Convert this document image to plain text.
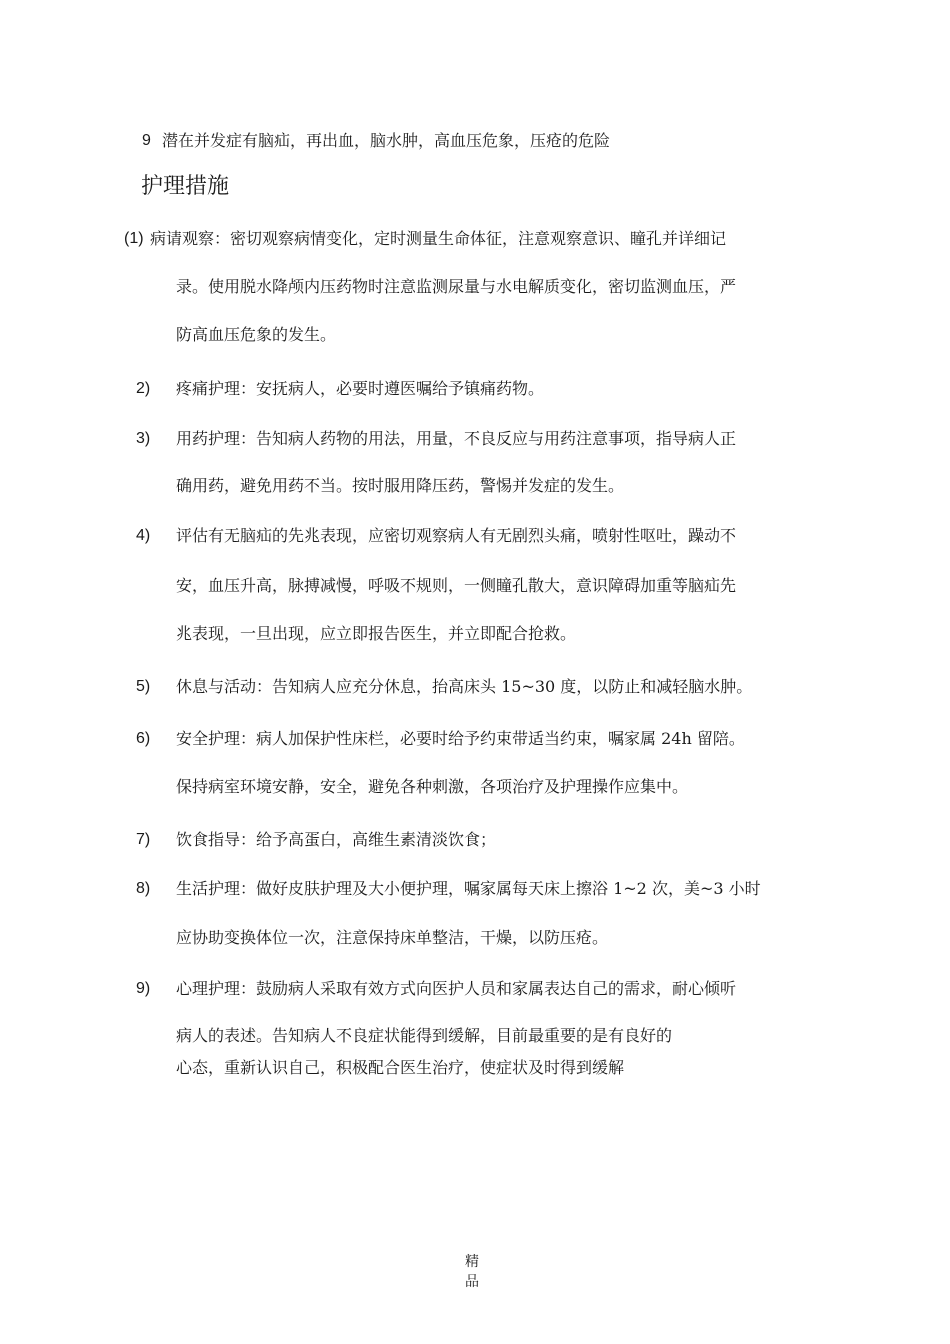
9 潜在并发症有脑疝，再出血，脑水肿，高血压危象，压疮的危险
护理措施
(1) 病请观察：密切观察病情变化，定时测量生命体征，注意观察意识、瞳孔并详细记
录。使用脱水降颅内压药物时注意监测尿量与水电解质变化，密切监测血压，严
防高血压危象的发生。
2) 疼痛护理：安抚病人，必要时遵医嘱给予镇痛药物。
3) 用药护理：告知病人药物的用法，用量，不良反应与用药注意事项，指导病人正
确用药，避免用药不当。按时服用降压药，警惕并发症的发生。
4) 评估有无脑疝的先兆表现，应密切观察病人有无剧烈头痛，喷射性呕吐，躁动不
安，血压升高，脉搏减慢，呼吸不规则，一侧瞳孔散大，意识障碍加重等脑疝先
兆表现，一旦出现，应立即报告医生，并立即配合抢救。
5) 休息与活动：告知病人应充分休息，抬高床头 15~30 度，以防止和减轻脑水肿。
6) 安全护理：病人加保护性床栏，必要时给予约束带适当约束，嘱家属 24h 留陪。
保持病室环境安静，安全，避免各种刺激，各项治疗及护理操作应集中。
7) 饮食指导：给予高蛋白，高维生素清淡饮食；
8) 生活护理：做好皮肤护理及大小便护理，嘱家属每天床上擦浴 1~2 次，美~3 小时
应协助变换体位一次，注意保持床单整洁，干燥，以防压疮。
9) 心理护理：鼓励病人采取有效方式向医护人员和家属表达自己的需求，耐心倾听
病人的表述。告知病人不良症状能得到缓解，目前最重要的是有良好的
心态，重新认识自己，积极配合医生治疗，使症状及时得到缓解
精品
